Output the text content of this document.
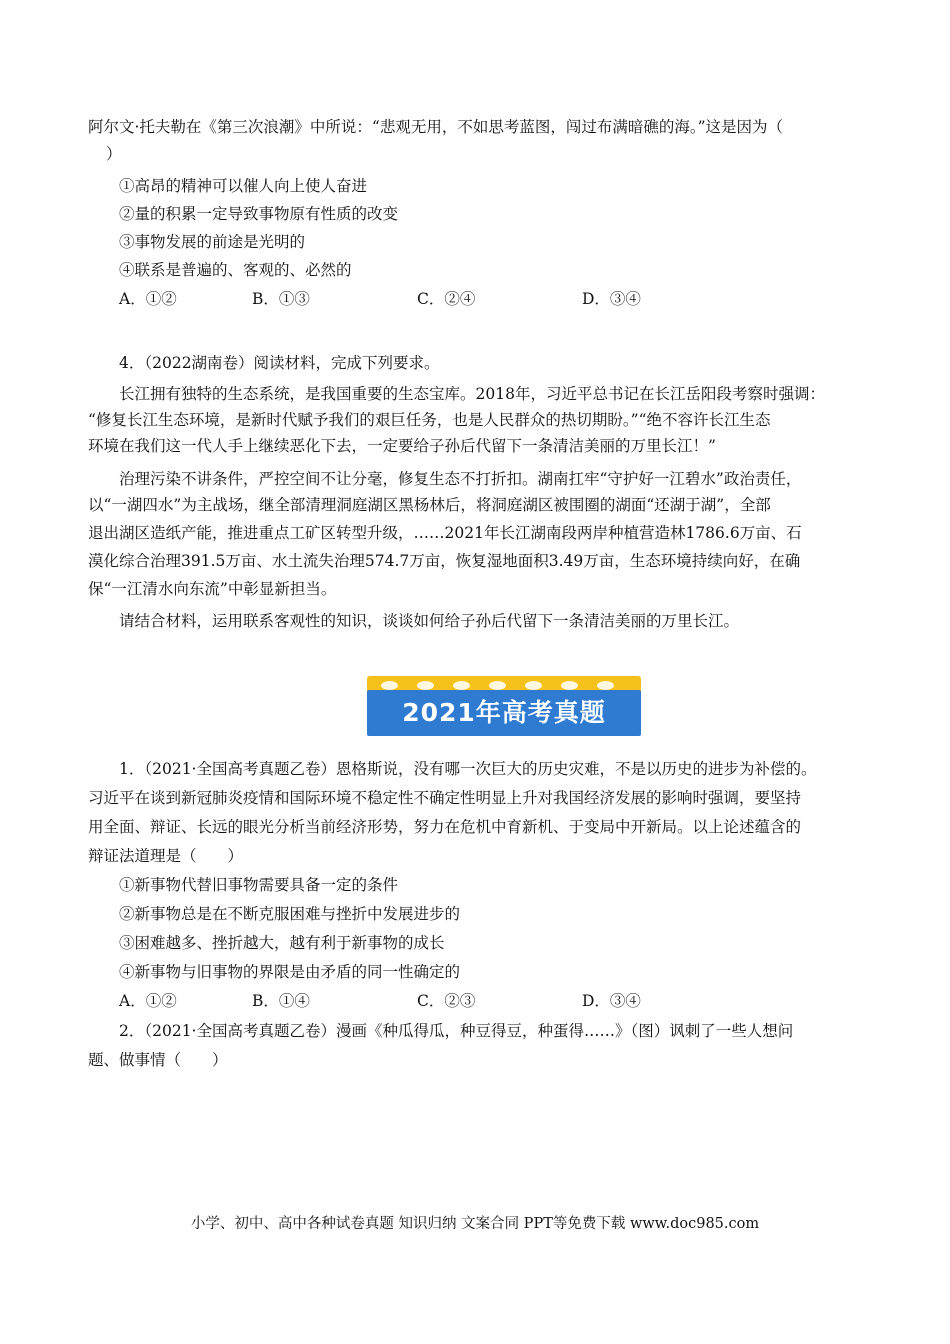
阿尔文·托夫勒在《第三次浪潮》中所说：“悲观无用，不如思考蓝图，闯过布满暗礁的海。”这是因为（
）
①高昂的精神可以催人向上使人奋进
②量的积累一定导致事物原有性质的改变
③事物发展的前途是光明的
④联系是普遍的、客观的、必然的
A．①②	B．①③	C．②④	D．③④
4．（2022湖南卷）阅读材料，完成下列要求。
长江拥有独特的生态系统，是我国重要的生态宝库。2018年，习近平总书记在长江岳阳段考察时强调：
“修复长江生态环境，是新时代赋予我们的艰巨任务，也是人民群众的热切期盼。”“绝不容许长江生态
环境在我们这一代人手上继续恶化下去，一定要给子孙后代留下一条清洁美丽的万里长江！”
治理污染不讲条件，严控空间不让分毫，修复生态不打折扣。湖南扛牢“守护好一江碧水”政治责任，
以“一湖四水”为主战场，继全部清理洞庭湖区黑杨林后，将洞庭湖区被围圈的湖面“还湖于湖”，全部
退出湖区造纸产能，推进重点工矿区转型升级，……2021年长江湖南段两岸种植营造林1786.6万亩、石
漠化综合治理391.5万亩、水土流失治理574.7万亩，恢复湿地面积3.49万亩，生态环境持续向好，在确
保“一江清水向东流”中彰显新担当。
请结合材料，运用联系客观性的知识，谈谈如何给子孙后代留下一条清洁美丽的万里长江。
2021年高考真题
1．（2021·全国高考真题乙卷）恩格斯说，没有哪一次巨大的历史灾难，不是以历史的进步为补偿的。
习近平在谈到新冠肺炎疫情和国际环境不稳定性不确定性明显上升对我国经济发展的影响时强调，要坚持
用全面、辩证、长远的眼光分析当前经济形势，努力在危机中育新机、于变局中开新局。以上论述蕴含的
辩证法道理是（　　）
①新事物代替旧事物需要具备一定的条件
②新事物总是在不断克服困难与挫折中发展进步的
③困难越多、挫折越大，越有利于新事物的成长
④新事物与旧事物的界限是由矛盾的同一性确定的
A．①②	B．①④	C．②③	D．③④
2．（2021·全国高考真题乙卷）漫画《种瓜得瓜，种豆得豆，种蛋得……》（图）讽刺了一些人想问
题、做事情（　　）
小学、初中、高中各种试卷真题 知识归纳 文案合同 PPT等免费下载 www.doc985.com
